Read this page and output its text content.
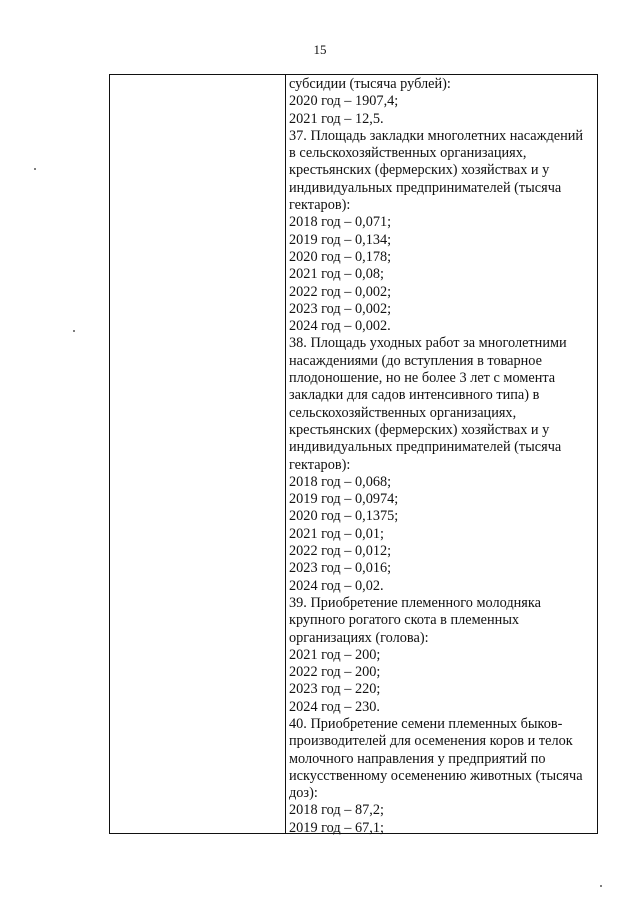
15
субсидии (тысяча рублей):
2020 год – 1907,4;
2021 год – 12,5.
37. Площадь закладки многолетних насаждений
в сельскохозяйственных организациях,
крестьянских (фермерских) хозяйствах и у
индивидуальных предпринимателей (тысяча
гектаров):
2018 год – 0,071;
2019 год – 0,134;
2020 год – 0,178;
2021 год – 0,08;
2022 год – 0,002;
2023 год – 0,002;
2024 год – 0,002.
38. Площадь уходных работ за многолетними
насаждениями (до вступления в товарное
плодоношение, но не более 3 лет с момента
закладки для садов интенсивного типа) в
сельскохозяйственных организациях,
крестьянских (фермерских) хозяйствах и у
индивидуальных предпринимателей (тысяча
гектаров):
2018 год – 0,068;
2019 год – 0,0974;
2020 год – 0,1375;
2021 год – 0,01;
2022 год – 0,012;
2023 год – 0,016;
2024 год – 0,02.
39. Приобретение племенного молодняка
крупного рогатого скота в племенных
организациях (голова):
2021 год – 200;
2022 год – 200;
2023 год – 220;
2024 год – 230.
40. Приобретение семени племенных быков-
производителей для осеменения коров и телок
молочного направления у предприятий по
искусственному осеменению животных (тысяча
доз):
2018 год – 87,2;
2019 год – 67,1;
